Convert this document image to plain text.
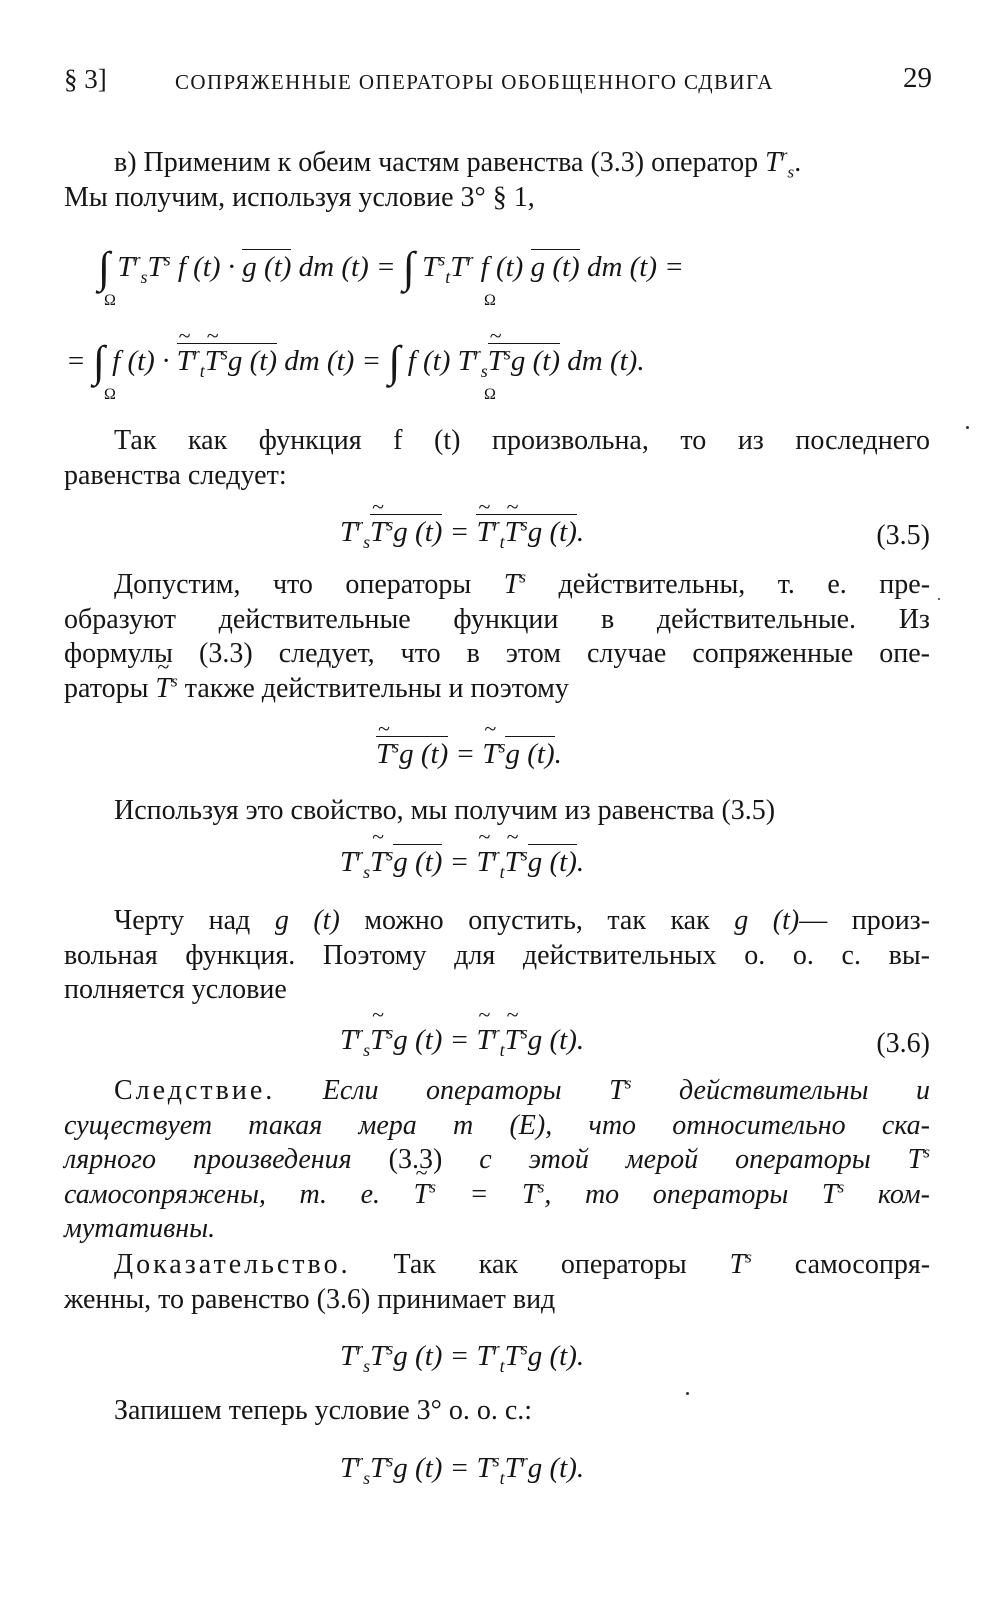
§ 3]	СОПРЯЖЕННЫЕ ОПЕРАТОРЫ ОБОБЩЕННОГО СДВИГА	29
в) Применим к обеим частям равенства (3.3) оператор $T^r_s$.
Мы получим, используя условие 3° § 1,
∫ $T^r_sT^s$ f (t) · g (t) dm (t) = ∫ $T^s_tT^r$ f (t) g (t) dm (t) =
Ω	Ω
= ∫ f (t) · ~ $T^r_t\sim$ $T^sg$ (t) dm (t) = ∫ f (t) $T^r_s\sim$ $T^sg$ (t) dm (t).
Ω	Ω
Так как функция f (t) произвольна, то из последнего
равенства следует:
$T^r_s\sim$ $T^sg$ (t) = ~ $T^r_t\sim$ $T^sg$ (t).	(3.5)
Допустим, что операторы $T^s$ действительны, т. е. пре-
образуют действительные функции в действительные. Из
формулы (3.3) следует, что в этом случае сопряженные опе-
раторы ~ $T^s$ также действительны и поэтому
~ $T^sg$ (t) = ~ $T^sg$ (t).
Используя это свойство, мы получим из равенства (3.5)
$T^r_s\sim$ $T^sg$ (t) = ~ $T^r_t\sim$ $T^sg$ (t).
Черту над g (t) можно опустить, так как g (t)— произ-
вольная функция. Поэтому для действительных о. о. с. вы-
полняется условие
$T^r_s\sim$ $T^sg$ (t) = ~ $T^r_t\sim$ $T^sg$ (t).	(3.6)
Следствие. Если операторы $T^s$ действительны и
существует такая мера m (E), что относительно ска-
лярного произведения (3.3) с этой мерой операторы $T^s$
самосопряжены, т. е. ~ $T^s = T^s$, то операторы $T^s$ ком-
мутативны.
Доказательство. Так как операторы $T^s$ самосопря-
женны, то равенство (3.6) принимает вид
$T^r_sT^sg$ $(t) = T^r_tT^sg$ (t).
Запишем теперь условие 3° о. о. с.:
$T^r_sT^sg$ $(t) = T^s_tT^rg$ (t).
